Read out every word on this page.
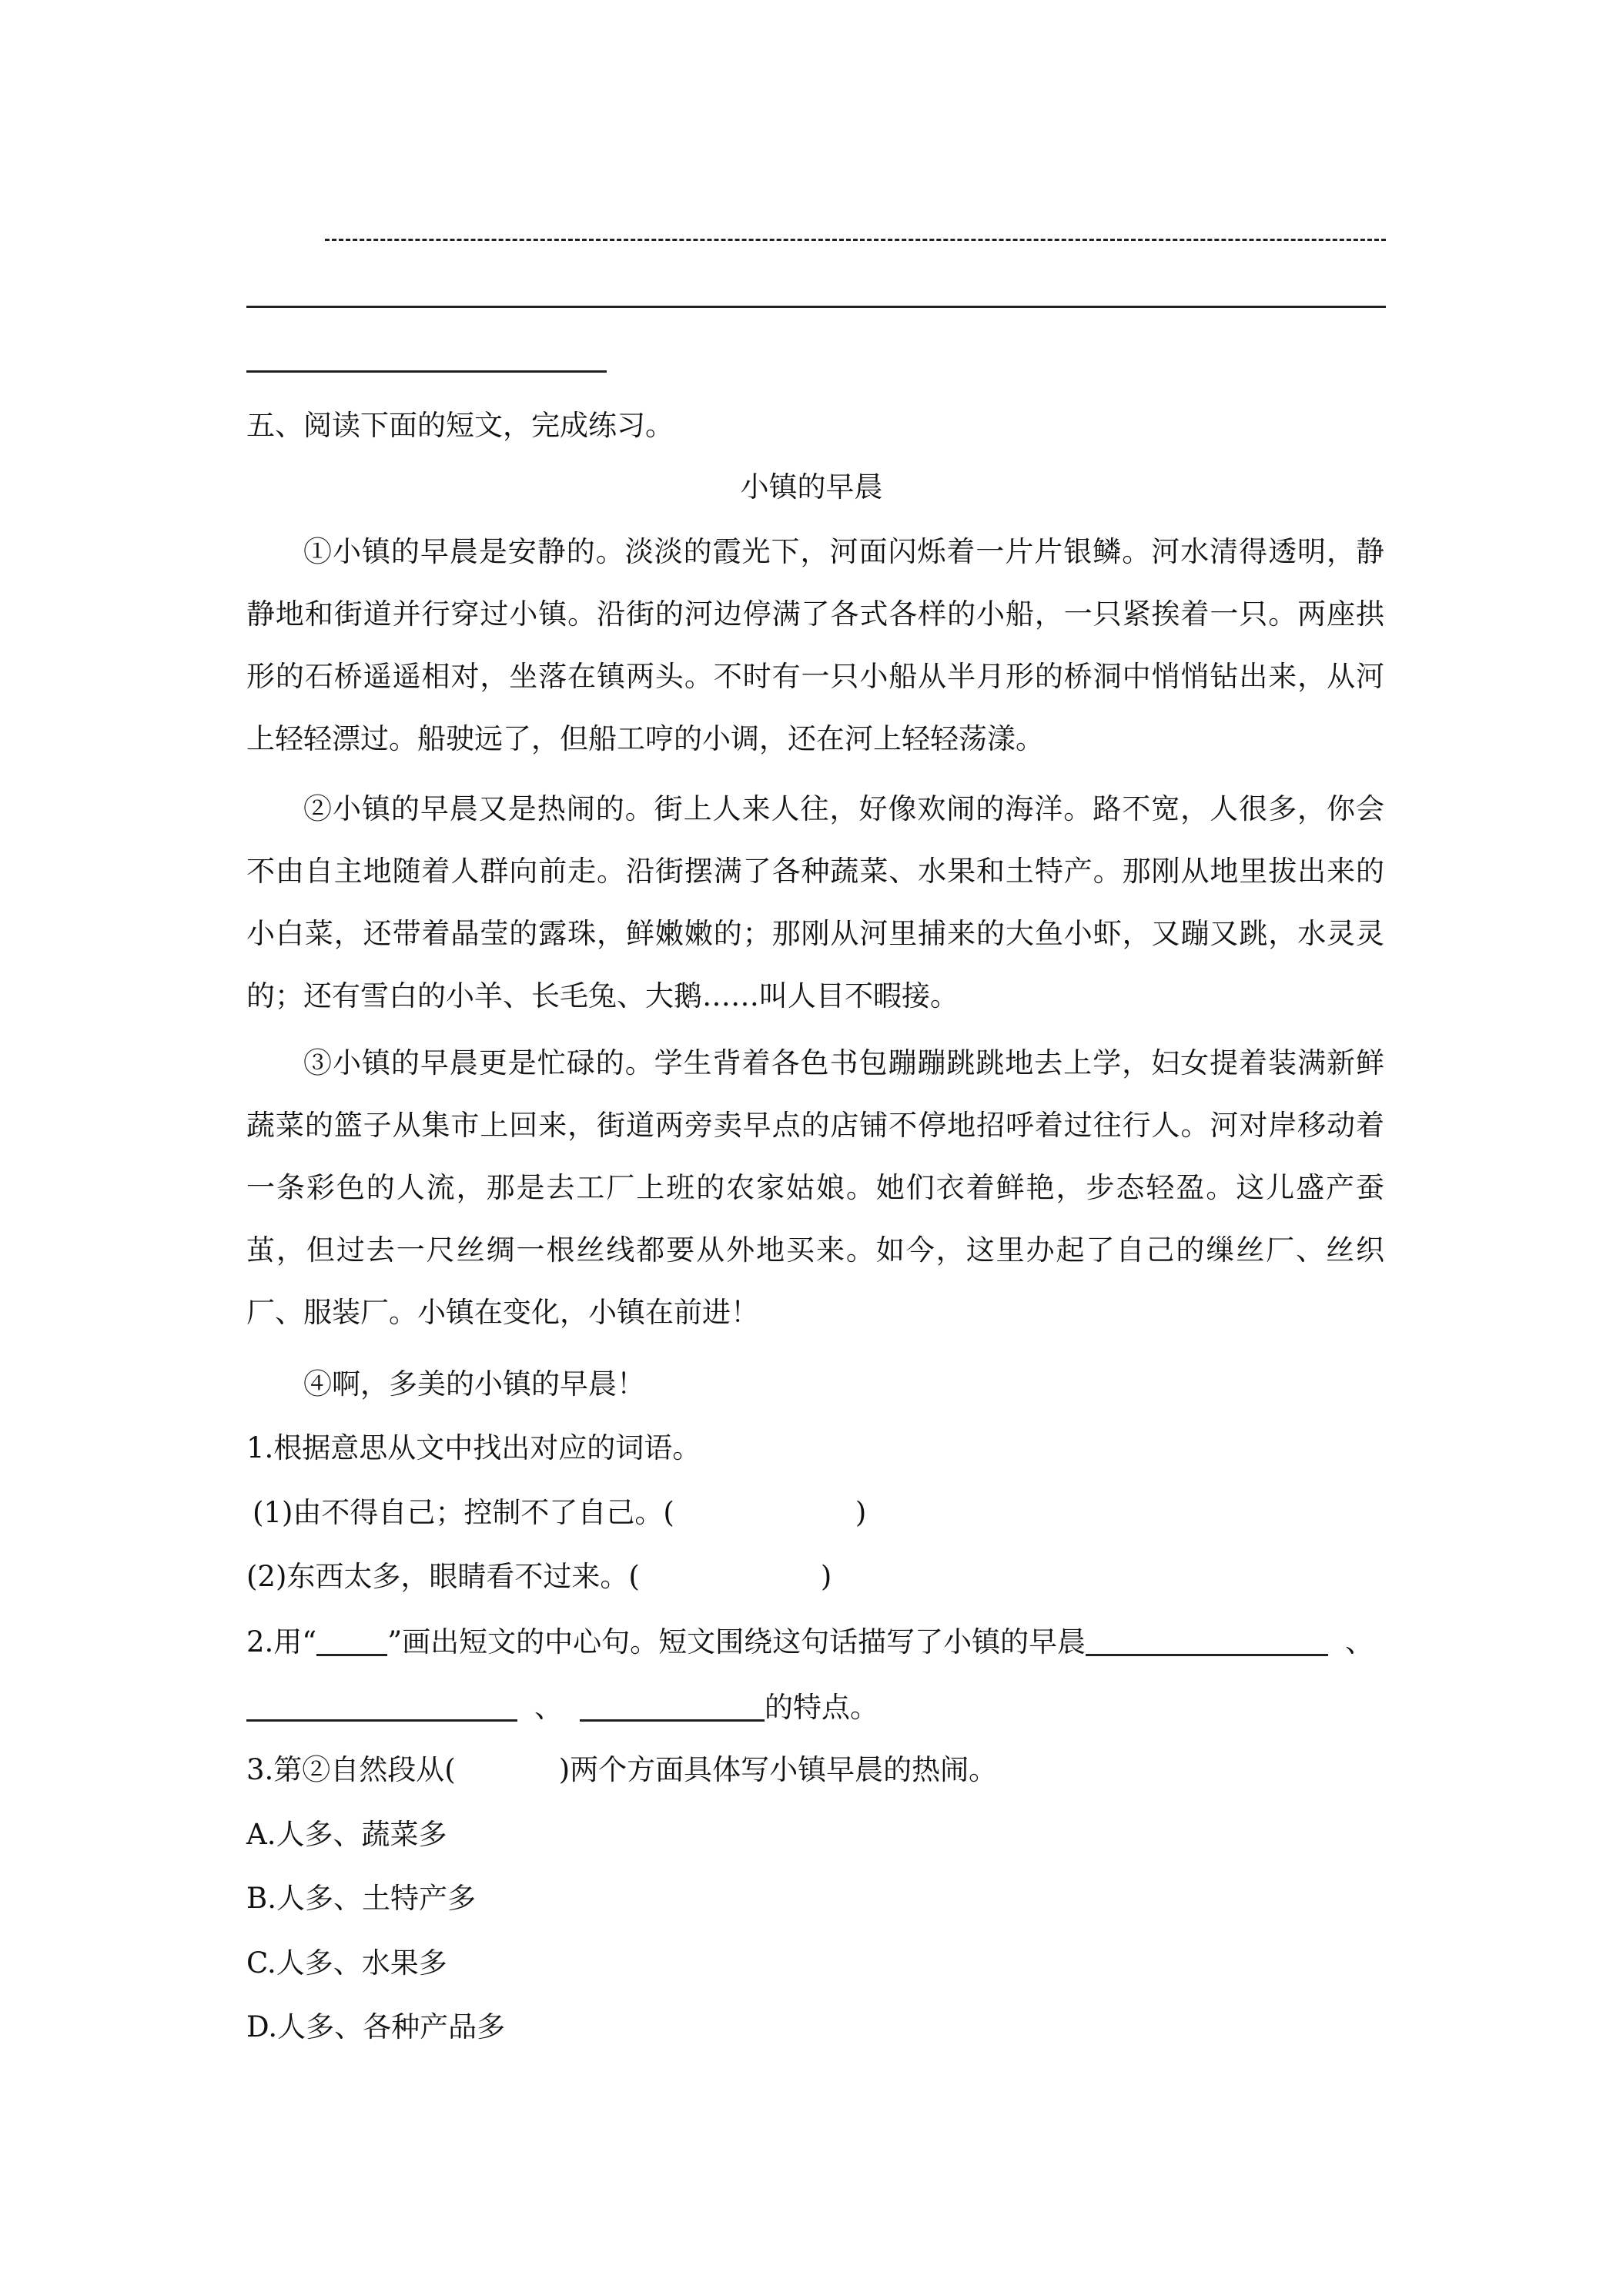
五、阅读下面的短文，完成练习。

小镇的早晨

①小镇的早晨是安静的。淡淡的霞光下，河面闪烁着一片片银鳞。河水清得透明，静静地和街道并行穿过小镇。沿街的河边停满了各式各样的小船，一只紧挨着一只。两座拱形的石桥遥遥相对，坐落在镇两头。不时有一只小船从半月形的桥洞中悄悄钻出来，从河上轻轻漂过。船驶远了，但船工哼的小调，还在河上轻轻荡漾。

②小镇的早晨又是热闹的。街上人来人往，好像欢闹的海洋。路不宽，人很多，你会不由自主地随着人群向前走。沿街摆满了各种蔬菜、水果和土特产。那刚从地里拔出来的小白菜，还带着晶莹的露珠，鲜嫩嫩的；那刚从河里捕来的大鱼小虾，又蹦又跳，水灵灵的；还有雪白的小羊、长毛兔、大鹅……叫人目不暇接。

③小镇的早晨更是忙碌的。学生背着各色书包蹦蹦跳跳地去上学，妇女提着装满新鲜蔬菜的篮子从集市上回来，街道两旁卖早点的店铺不停地招呼着过往行人。河对岸移动着一条彩色的人流，那是去工厂上班的农家姑娘。她们衣着鲜艳，步态轻盈。这儿盛产蚕茧，但过去一尺丝绸一根丝线都要从外地买来。如今，这里办起了自己的缫丝厂、丝织厂、服装厂。小镇在变化，小镇在前进！

④啊，多美的小镇的早晨！

1.根据意思从文中找出对应的词语。

(1)由不得自己；控制不了自己。(	)

(2)东西太多，眼睛看不过来。(	)

2.用“ ”画出短文的中心句。短文围绕这句话描写了小镇的早晨	、

、	的特点。

3.第②自然段从(	)两个方面具体写小镇早晨的热闹。

A.人多、蔬菜多

B.人多、土特产多

C.人多、水果多

D.人多、各种产品多
